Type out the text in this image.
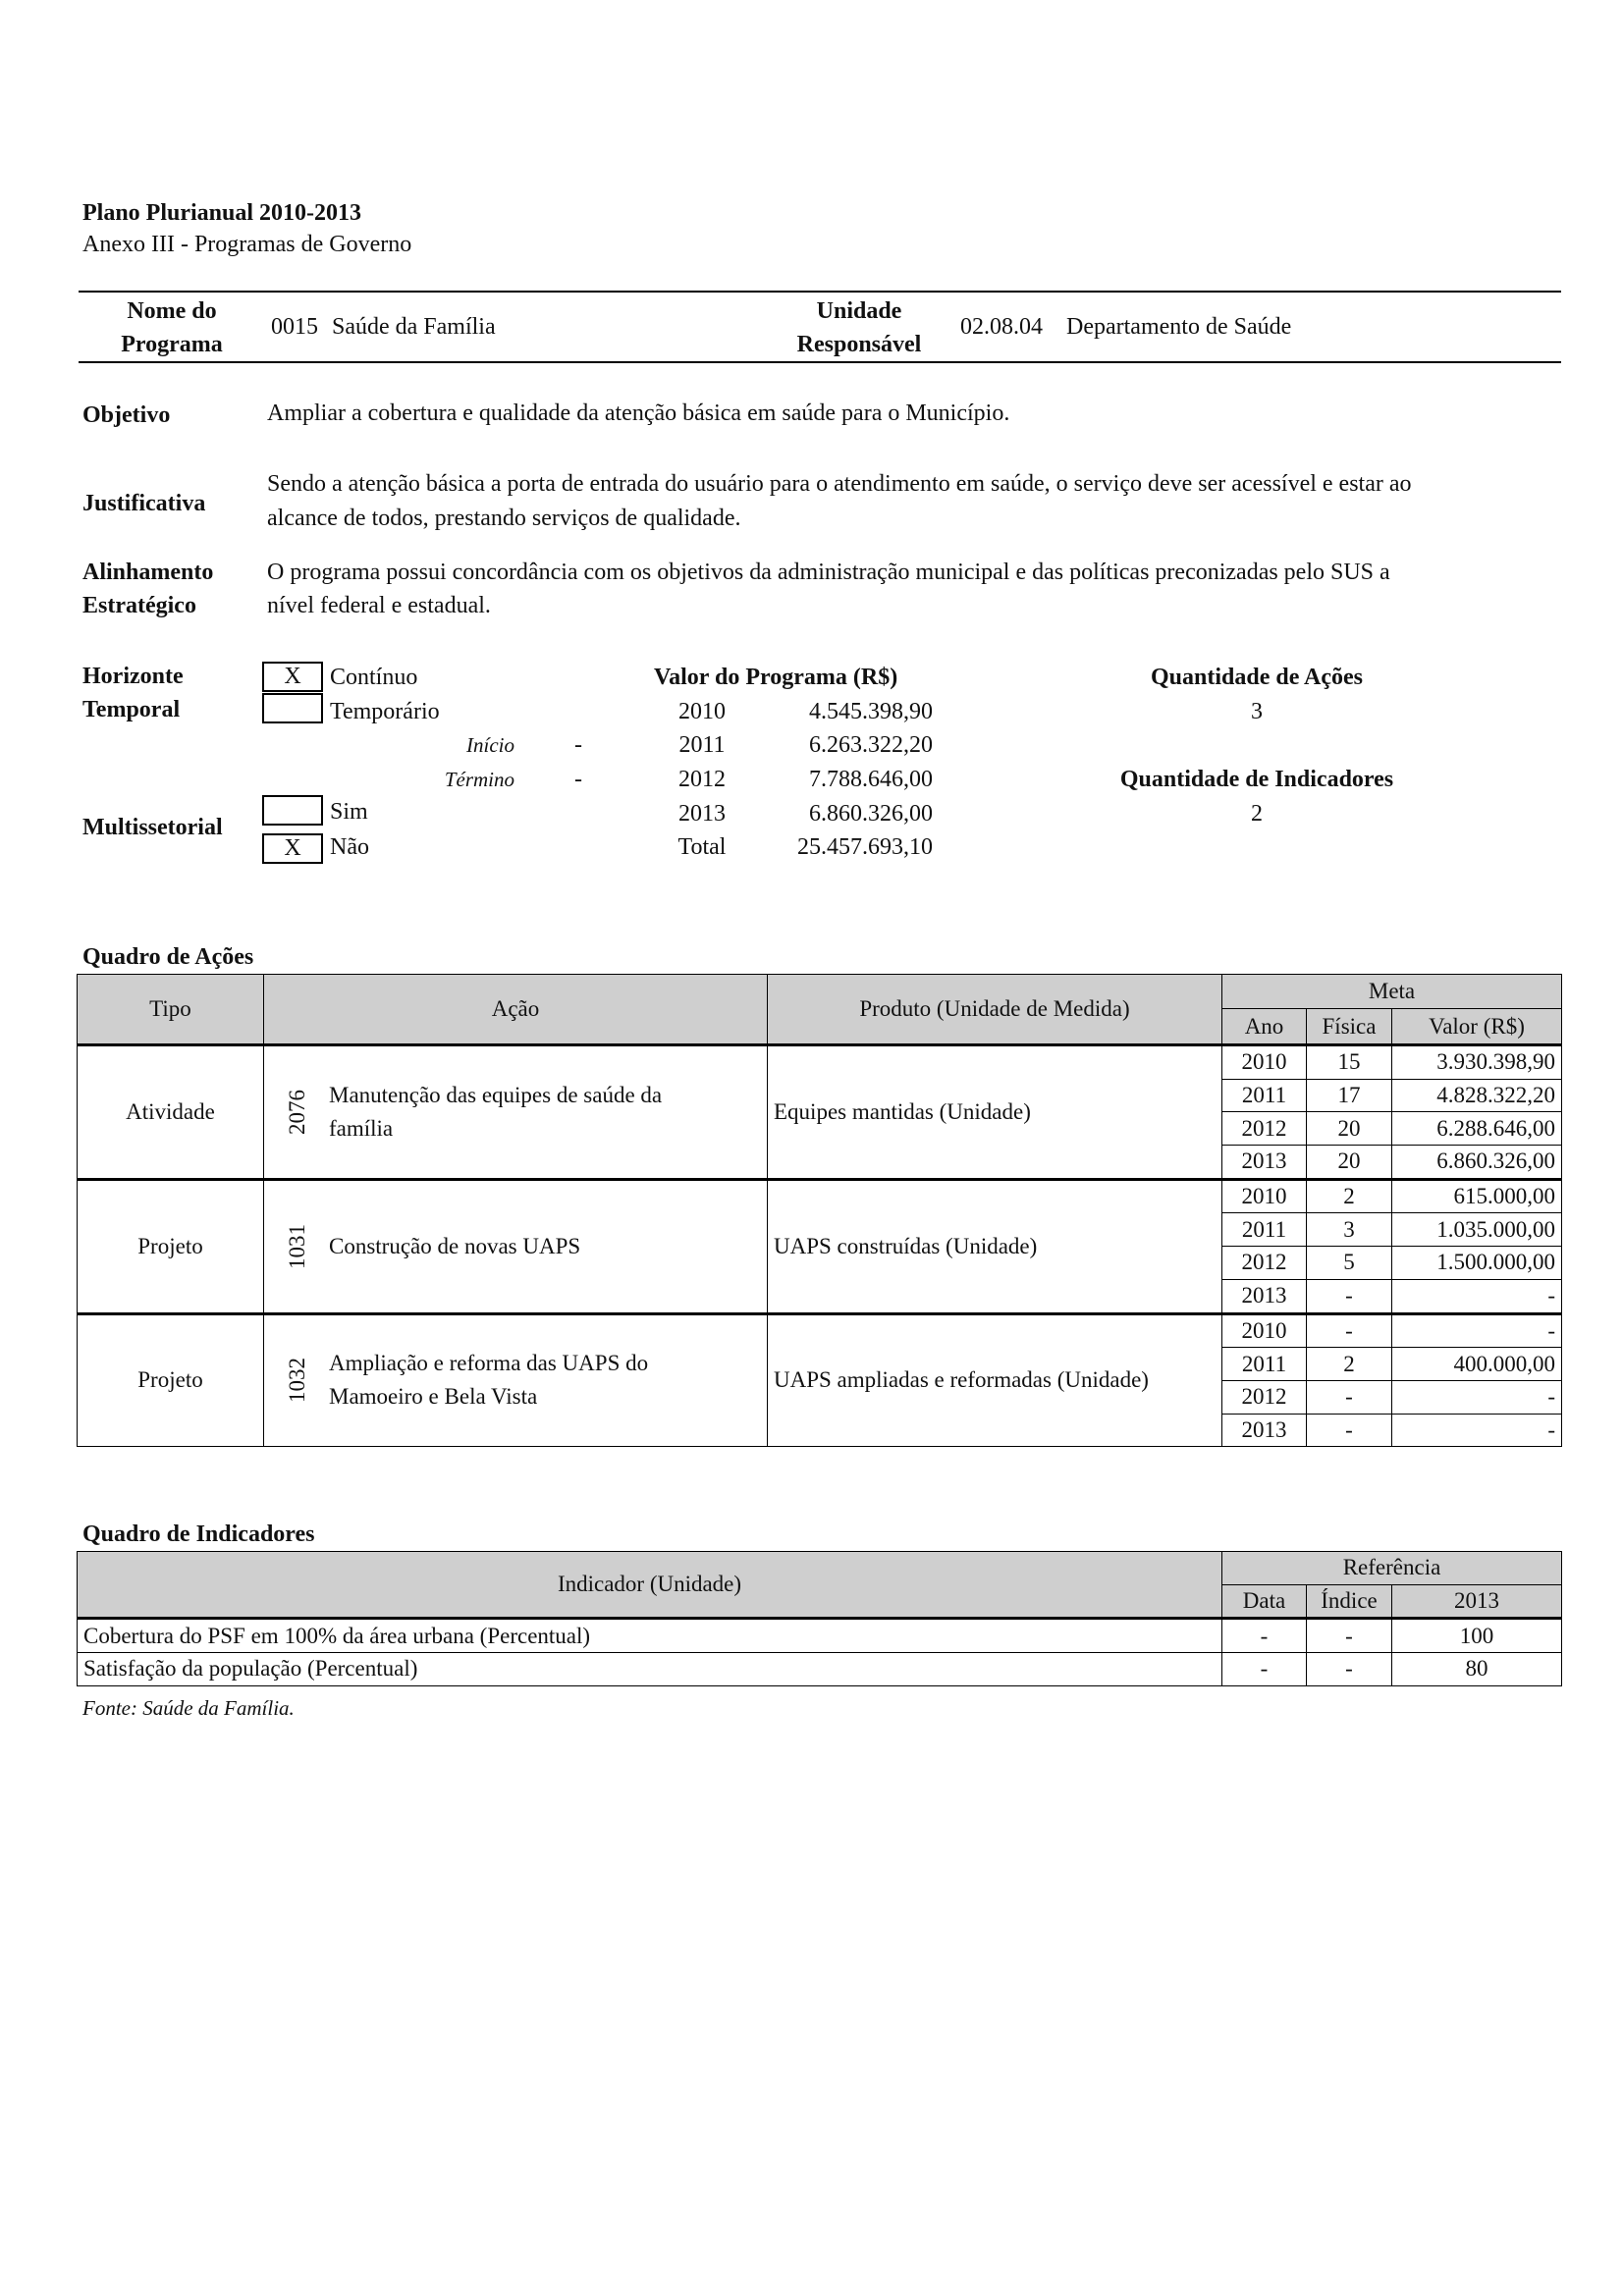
Plano Plurianual 2010-2013
Anexo III - Programas de Governo
Nome do
Programa
0015 Saúde da Família
Unidade
Responsável
02.08.04 Departamento de Saúde
Objetivo	Ampliar a cobertura e qualidade da atenção básica em saúde para o Município.
Justificativa
Sendo a atenção básica a porta de entrada do usuário para o atendimento em saúde, o serviço deve ser acessível e estar ao
alcance de todos, prestando serviços de qualidade.
Alinhamento
Estratégico
O programa possui concordância com os objetivos da administração municipal e das políticas preconizadas pelo SUS a
nível federal e estadual.
Horizonte
Temporal
X	Contínuo
Temporário
Início	-
Término	-
Multissetorial
Sim
X	Não
Valor do Programa (R$)
2010	4.545.398,90
2011	6.263.322,20
2012	7.788.646,00
2013	6.860.326,00
Total	25.457.693,10
Quantidade de Ações
3
Quantidade de Indicadores
2
Quadro de Ações
Tipo	Ação	Produto (Unidade de Medida)	Meta		
			Ano	Física	Valor (R$)
Atividade	2076 Manutenção das equipes de saúde da família	Equipes mantidas (Unidade)	2010	15	3.930.398,90
			2011	17	4.828.322,20
			2012	20	6.288.646,00
			2013	20	6.860.326,00
Projeto	1031 Construção de novas UAPS	UAPS construídas (Unidade)	2010	2	615.000,00
			2011	3	1.035.000,00
			2012	5	1.500.000,00
			2013	-	-
Projeto	1032 Ampliação e reforma das UAPS do Mamoeiro e Bela Vista	UAPS ampliadas e reformadas (Unidade)	2010	-	-
			2011	2	400.000,00
			2012	-	-
			2013	-	-
Quadro de Indicadores
Indicador (Unidade)	Referência		
	Data	Índice	2013
Cobertura do PSF em 100% da área urbana (Percentual)	-	-	100
Satisfação da população (Percentual)	-	-	80
Fonte: Saúde da Família.
